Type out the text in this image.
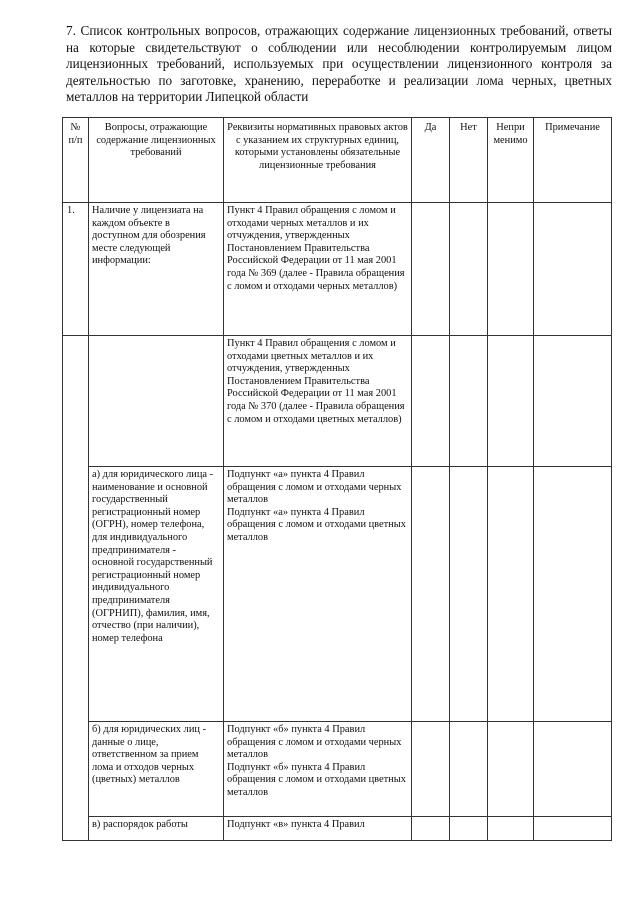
7. Список контрольных вопросов, отражающих содержание лицензионных требований, ответы на которые свидетельствуют о соблюдении или несоблюдении контролируемым лицом лицензионных требований, используемых при осуществлении лицензионного контроля за деятельностью по заготовке, хранению, переработке и реализации лома черных, цветных металлов на территории Липецкой области
№ п/п	Вопросы, отражающие содержание лицензионных требований	Реквизиты нормативных правовых актов с указанием их структурных единиц, которыми установлены обязательные лицензионные требования	Да	Нет	Непри менимо	Примечание
1.	Наличие у лицензиата на каждом объекте в доступном для обозрения месте следующей информации:	Пункт 4 Правил обращения с ломом и отходами черных металлов и их отчуждения, утвержденных Постановлением Правительства Российской Федерации от 11 мая 2001 года № 369 (далее - Правила обращения с ломом и отходами черных металлов)				
		Пункт 4 Правил обращения с ломом и отходами цветных металлов и их отчуждения, утвержденных Постановлением Правительства Российской Федерации от 11 мая 2001 года № 370 (далее - Правила обращения с ломом и отходами цветных металлов)				
	а) для юридического лица - наименование и основной государственный регистрационный номер (ОГРН), номер телефона, для индивидуального предпринимателя - основной государственный регистрационный номер индивидуального предпринимателя (ОГРНИП), фамилия, имя, отчество (при наличии), номер телефона	Подпункт «а» пункта 4 Правил обращения с ломом и отходами черных металлов
Подпункт «а» пункта 4 Правил обращения с ломом и отходами цветных металлов				

	б) для юридических лиц - данные о лице, ответственном за прием лома и отходов черных (цветных) металлов	Подпункт «б» пункта 4 Правил обращения с ломом и отходами черных металлов
Подпункт «б» пункта 4 Правил обращения с ломом и отходами цветных металлов				

	в) распорядок работы	Подпункт «в» пункта 4 Правил				
